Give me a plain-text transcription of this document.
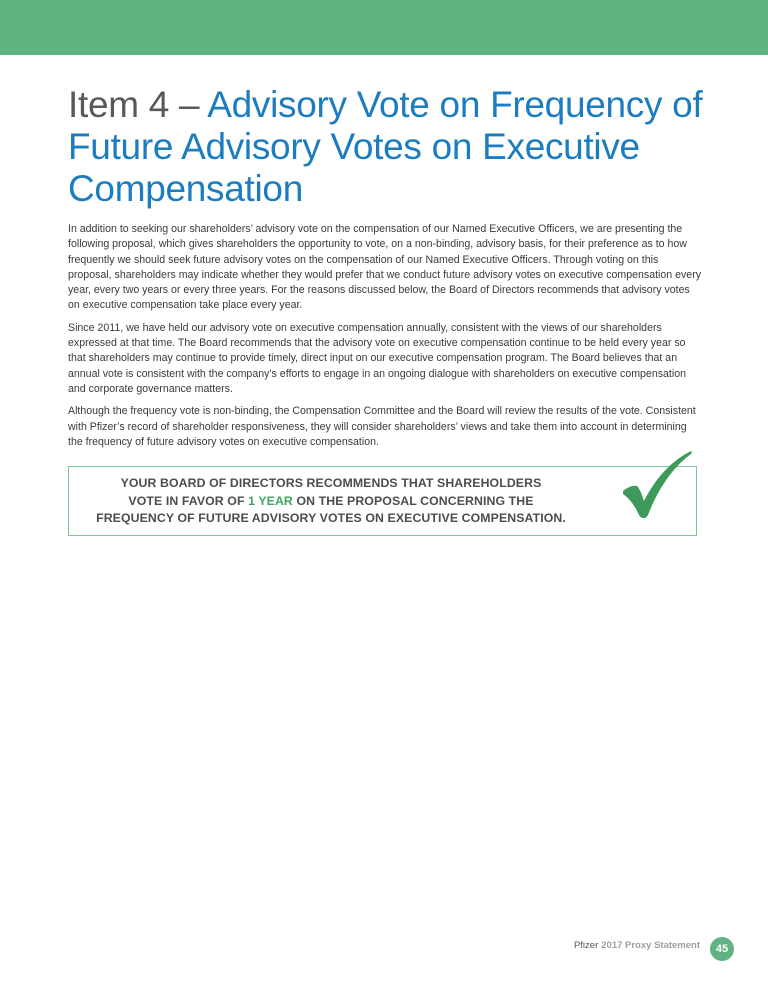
Item 4 – Advisory Vote on Frequency of Future Advisory Votes on Executive Compensation

In addition to seeking our shareholders’ advisory vote on the compensation of our Named Executive Officers, we are presenting the following proposal, which gives shareholders the opportunity to vote, on a non-binding, advisory basis, for their preference as to how frequently we should seek future advisory votes on the compensation of our Named Executive Officers. Through voting on this proposal, shareholders may indicate whether they would prefer that we conduct future advisory votes on executive compensation every year, every two years or every three years. For the reasons discussed below, the Board of Directors recommends that advisory votes on executive compensation take place every year.

Since 2011, we have held our advisory vote on executive compensation annually, consistent with the views of our shareholders expressed at that time. The Board recommends that the advisory vote on executive compensation continue to be held every year so that shareholders may continue to provide timely, direct input on our executive compensation program. The Board believes that an annual vote is consistent with the company’s efforts to engage in an ongoing dialogue with shareholders on executive compensation and corporate governance matters.

Although the frequency vote is non-binding, the Compensation Committee and the Board will review the results of the vote. Consistent with Pfizer’s record of shareholder responsiveness, they will consider shareholders’ views and take them into account in determining the frequency of future advisory votes on executive compensation.

YOUR BOARD OF DIRECTORS RECOMMENDS THAT SHAREHOLDERS
VOTE IN FAVOR OF 1 YEAR ON THE PROPOSAL CONCERNING THE
FREQUENCY OF FUTURE ADVISORY VOTES ON EXECUTIVE COMPENSATION.
Pfizer 2017 Proxy Statement	45
